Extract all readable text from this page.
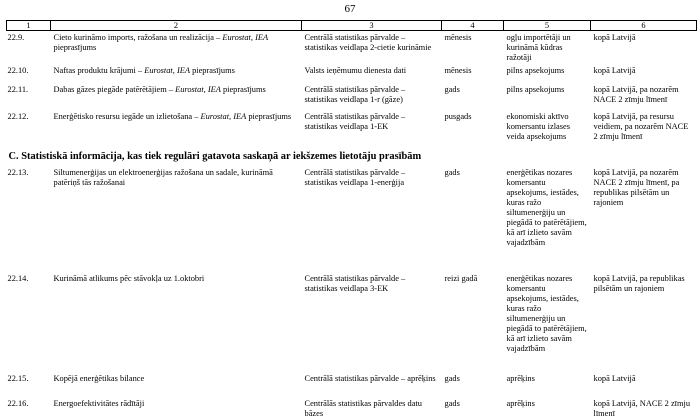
67
1	2	3	4	5	6
22.9.	Cieto kurināmo imports, ražošana un realizācija – Eurostat, IEA pieprasījums	Centrālā statistikas pārvalde – statistikas veidlapa 2-cietie kurināmie	mēnesis	ogļu importētāji un kurināmā kūdras ražotāji	kopā Latvijā
22.10.	Naftas produktu krājumi – Eurostat, IEA pieprasījums	Valsts ieņēmumu dienesta dati	mēnesis	pilns apsekojums	kopā Latvijā
22.11.	Dabas gāzes piegāde patērētājiem – Eurostat, IEA pieprasījums	Centrālā statistikas pārvalde – statistikas veidlapa 1-r (gāze)	gads	pilns apsekojums	kopā Latvijā, pa nozarēm NACE 2 zīmju līmenī
22.12.	Enerģētisko resursu iegāde un izlietošana – Eurostat, IEA pieprasījums	Centrālā statistikas pārvalde – statistikas veidlapa 1-EK	pusgads	ekonomiski aktīvo komersantu izlases veida apsekojums	kopā Latvijā, pa resursu veidiem, pa nozarēm NACE 2 zīmju līmenī
C. Statistiskā informācija, kas tiek regulāri gatavota saskaņā ar iekšzemes lietotāju prasībām					
22.13.	Siltumenerģijas un elektroenerģijas ražošana un sadale, kurināmā patēriņš tās ražošanai	Centrālā statistikas pārvalde – statistikas veidlapa 1-enerģija	gads	enerģētikas nozares komersantu apsekojums, iestādes, kuras ražo siltumenerģiju un piegādā to patērētājiem, kā arī izlieto savām vajadzībām	kopā Latvijā, pa nozarēm NACE 2 zīmju līmenī, pa republikas pilsētām un rajoniem
22.14.	Kurināmā atlikums pēc stāvokļa uz 1.oktobri	Centrālā statistikas pārvalde – statistikas veidlapa 3-EK	reizi gadā	enerģētikas nozares komersantu apsekojums, iestādes, kuras ražo siltumenerģiju un piegādā to patērētājiem, kā arī izlieto savām vajadzībām	kopā Latvijā, pa republikas pilsētām un rajoniem
22.15.	Kopējā enerģētikas bilance	Centrālā statistikas pārvalde – aprēķins	gads	aprēķins	kopā Latvijā
22.16.	Energoefektivitātes rādītāji	Centrālās statistikas pārvaldes datu bāzes	gads	aprēķins	kopā Latvijā, NACE 2 zīmju līmenī
